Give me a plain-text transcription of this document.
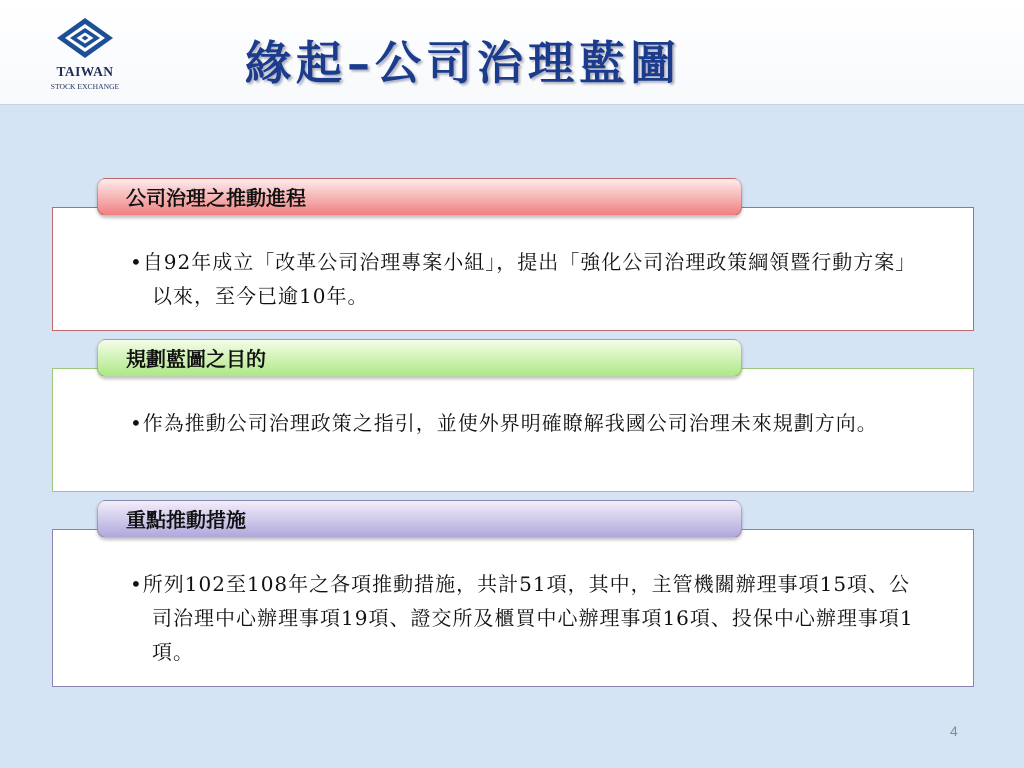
TAIWAN
STOCK EXCHANGE	緣起–公司治理藍圖
公司治理之推動進程

•自92年成立「改革公司治理專案小組」，提出「強化公司治理政策綱領暨行動方案」以來，至今已逾10年。

規劃藍圖之目的

•作為推動公司治理政策之指引，並使外界明確瞭解我國公司治理未來規劃方向。

重點推動措施

•所列102至108年之各項推動措施，共計51項，其中，主管機關辦理事項15項、公司治理中心辦理事項19項、證交所及櫃買中心辦理事項16項、投保中心辦理事項1項。

4
